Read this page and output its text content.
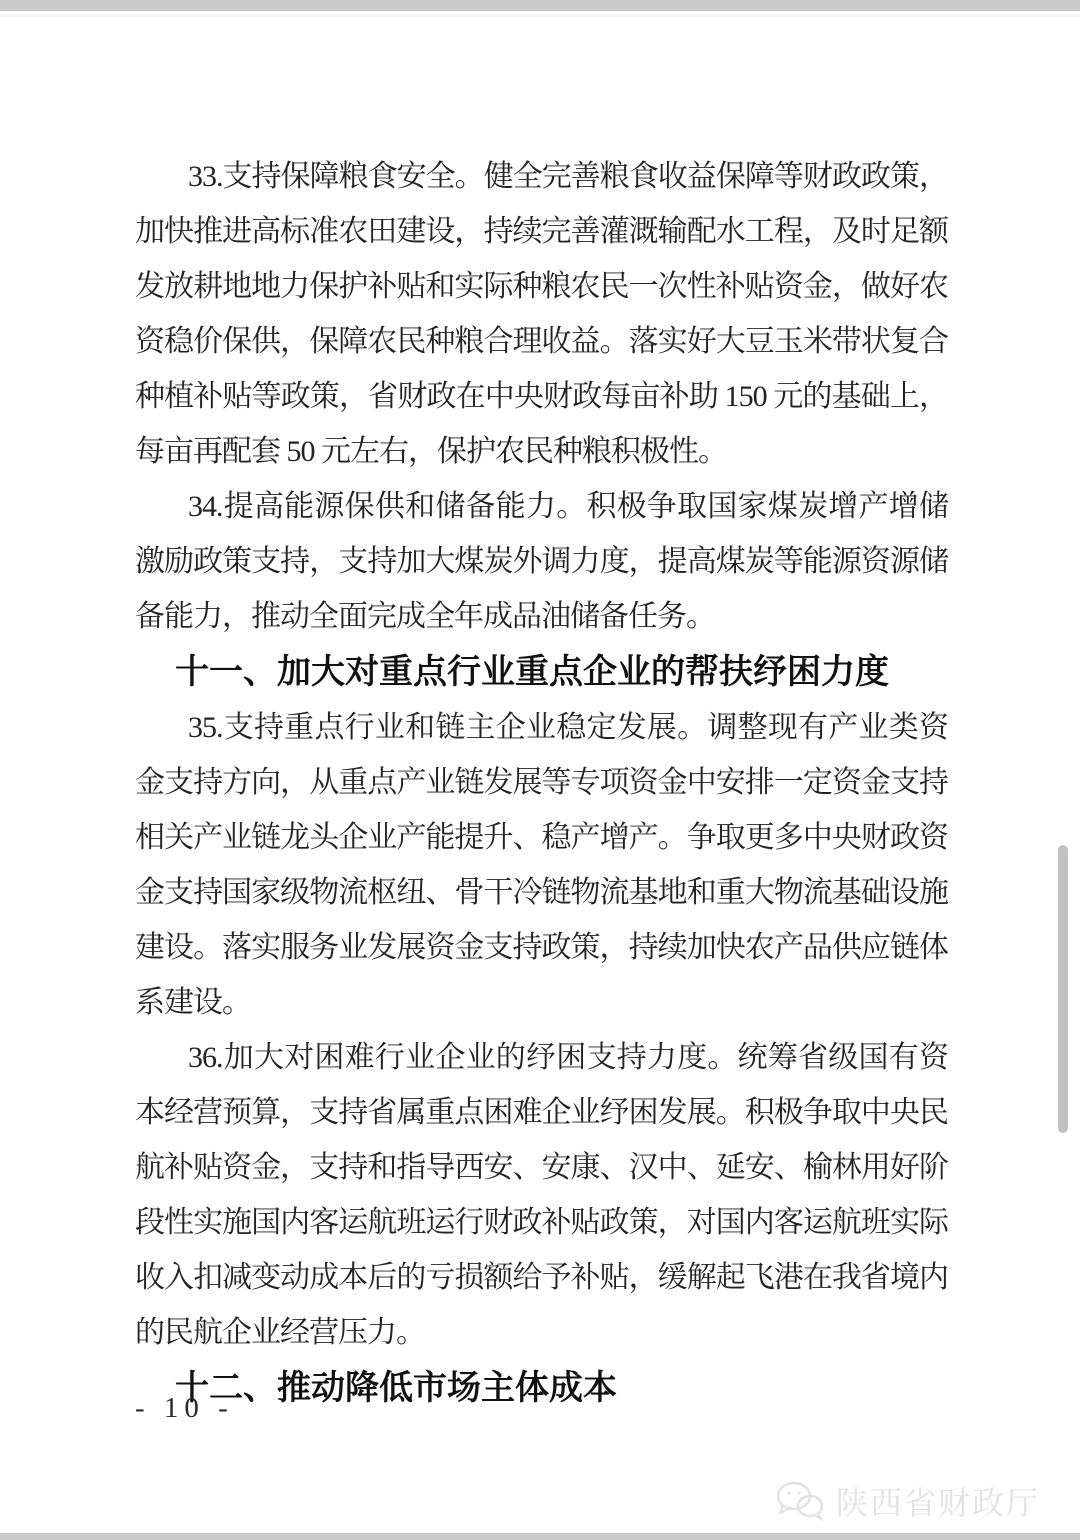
33.支持保障粮食安全。健全完善粮食收益保障等财政政策，
加快推进高标准农田建设，持续完善灌溉输配水工程，及时足额
发放耕地地力保护补贴和实际种粮农民一次性补贴资金，做好农
资稳价保供，保障农民种粮合理收益。落实好大豆玉米带状复合
种植补贴等政策，省财政在中央财政每亩补助 150 元的基础上，
每亩再配套 50 元左右，保护农民种粮积极性。
34.提高能源保供和储备能力。积极争取国家煤炭增产增储
激励政策支持，支持加大煤炭外调力度，提高煤炭等能源资源储
备能力，推动全面完成全年成品油储备任务。
十一、加大对重点行业重点企业的帮扶纾困力度
35.支持重点行业和链主企业稳定发展。调整现有产业类资
金支持方向，从重点产业链发展等专项资金中安排一定资金支持
相关产业链龙头企业产能提升、稳产增产。争取更多中央财政资
金支持国家级物流枢纽、骨干冷链物流基地和重大物流基础设施
建设。落实服务业发展资金支持政策，持续加快农产品供应链体
系建设。
36.加大对困难行业企业的纾困支持力度。统筹省级国有资
本经营预算，支持省属重点困难企业纾困发展。积极争取中央民
航补贴资金，支持和指导西安、安康、汉中、延安、榆林用好阶
段性实施国内客运航班运行财政补贴政策，对国内客运航班实际
收入扣减变动成本后的亏损额给予补贴，缓解起飞港在我省境内
的民航企业经营压力。
十二、推动降低市场主体成本
- 10 -
陕西省财政厅
